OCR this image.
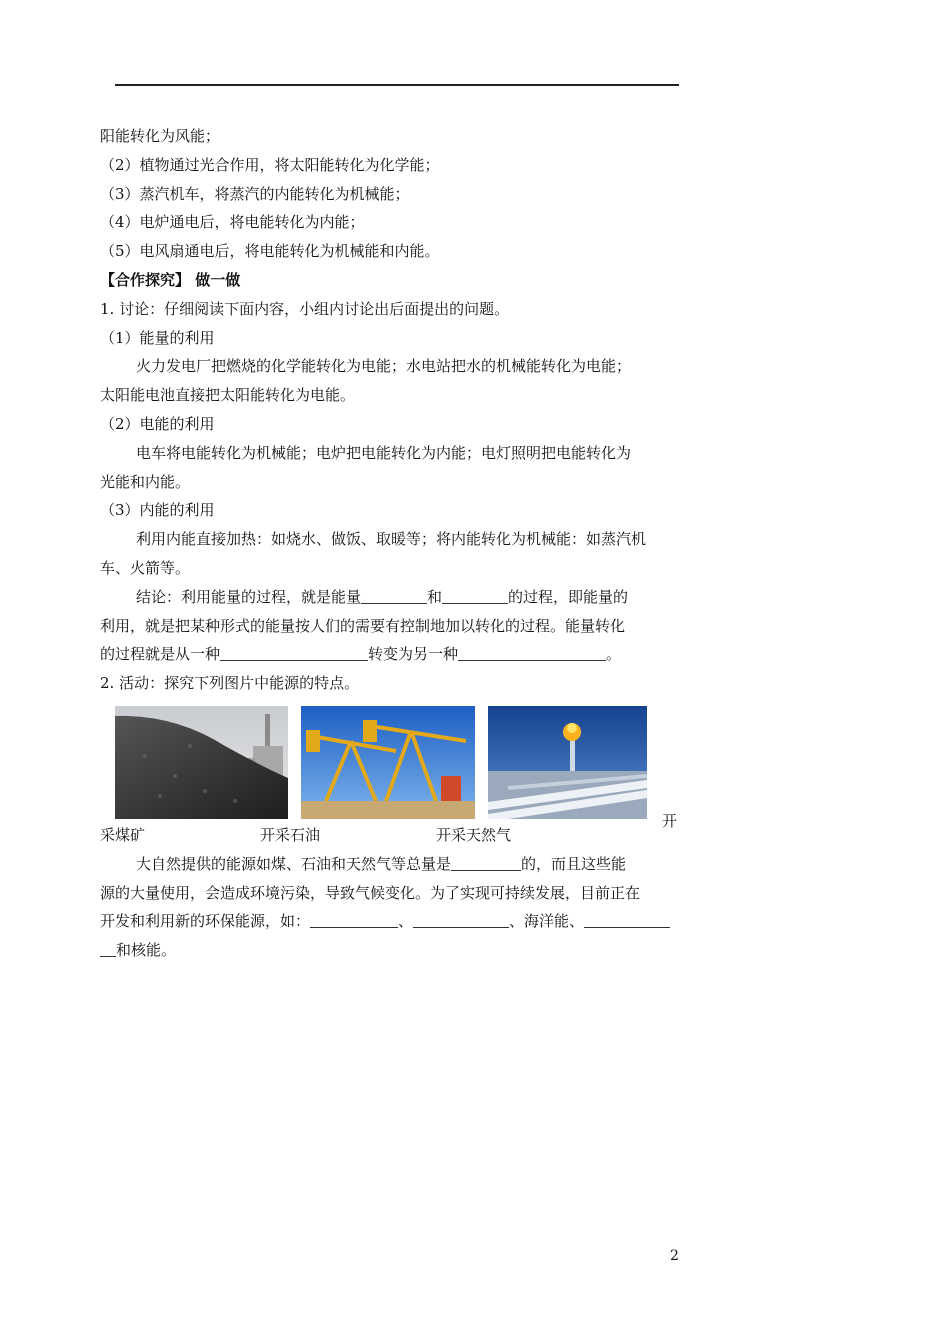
阳能转化为风能；
（2）植物通过光合作用，将太阳能转化为化学能；
（3）蒸汽机车，将蒸汽的内能转化为机械能；
（4）电炉通电后，将电能转化为内能；
（5）电风扇通电后，将电能转化为机械能和内能。
【合作探究】 做一做
1. 讨论：仔细阅读下面内容，小组内讨论出后面提出的问题。
（1）能量的利用
火力发电厂把燃烧的化学能转化为电能；水电站把水的机械能转化为电能；
太阳能电池直接把太阳能转化为电能。
（2）电能的利用
电车将电能转化为机械能；电炉把电能转化为内能；电灯照明把电能转化为
光能和内能。
（3）内能的利用
利用内能直接加热：如烧水、做饭、取暖等；将内能转化为机械能：如蒸汽机
车、火箭等。
结论：利用能量的过程，就是能量	和	的过程，即能量的
利用，就是把某种形式的能量按人们的需要有控制地加以转化的过程。能量转化
的过程就是从一种	转变为另一种	。
2. 活动：探究下列图片中能源的特点。
开
采煤矿	开采石油	开采天然气
大自然提供的能源如煤、石油和天然气等总量是	的，而且这些能
源的大量使用，会造成环境污染，导致气候变化。为了实现可持续发展，目前正在
开发和利用新的环保能源，如：	、	、海洋能、
和核能。
2
